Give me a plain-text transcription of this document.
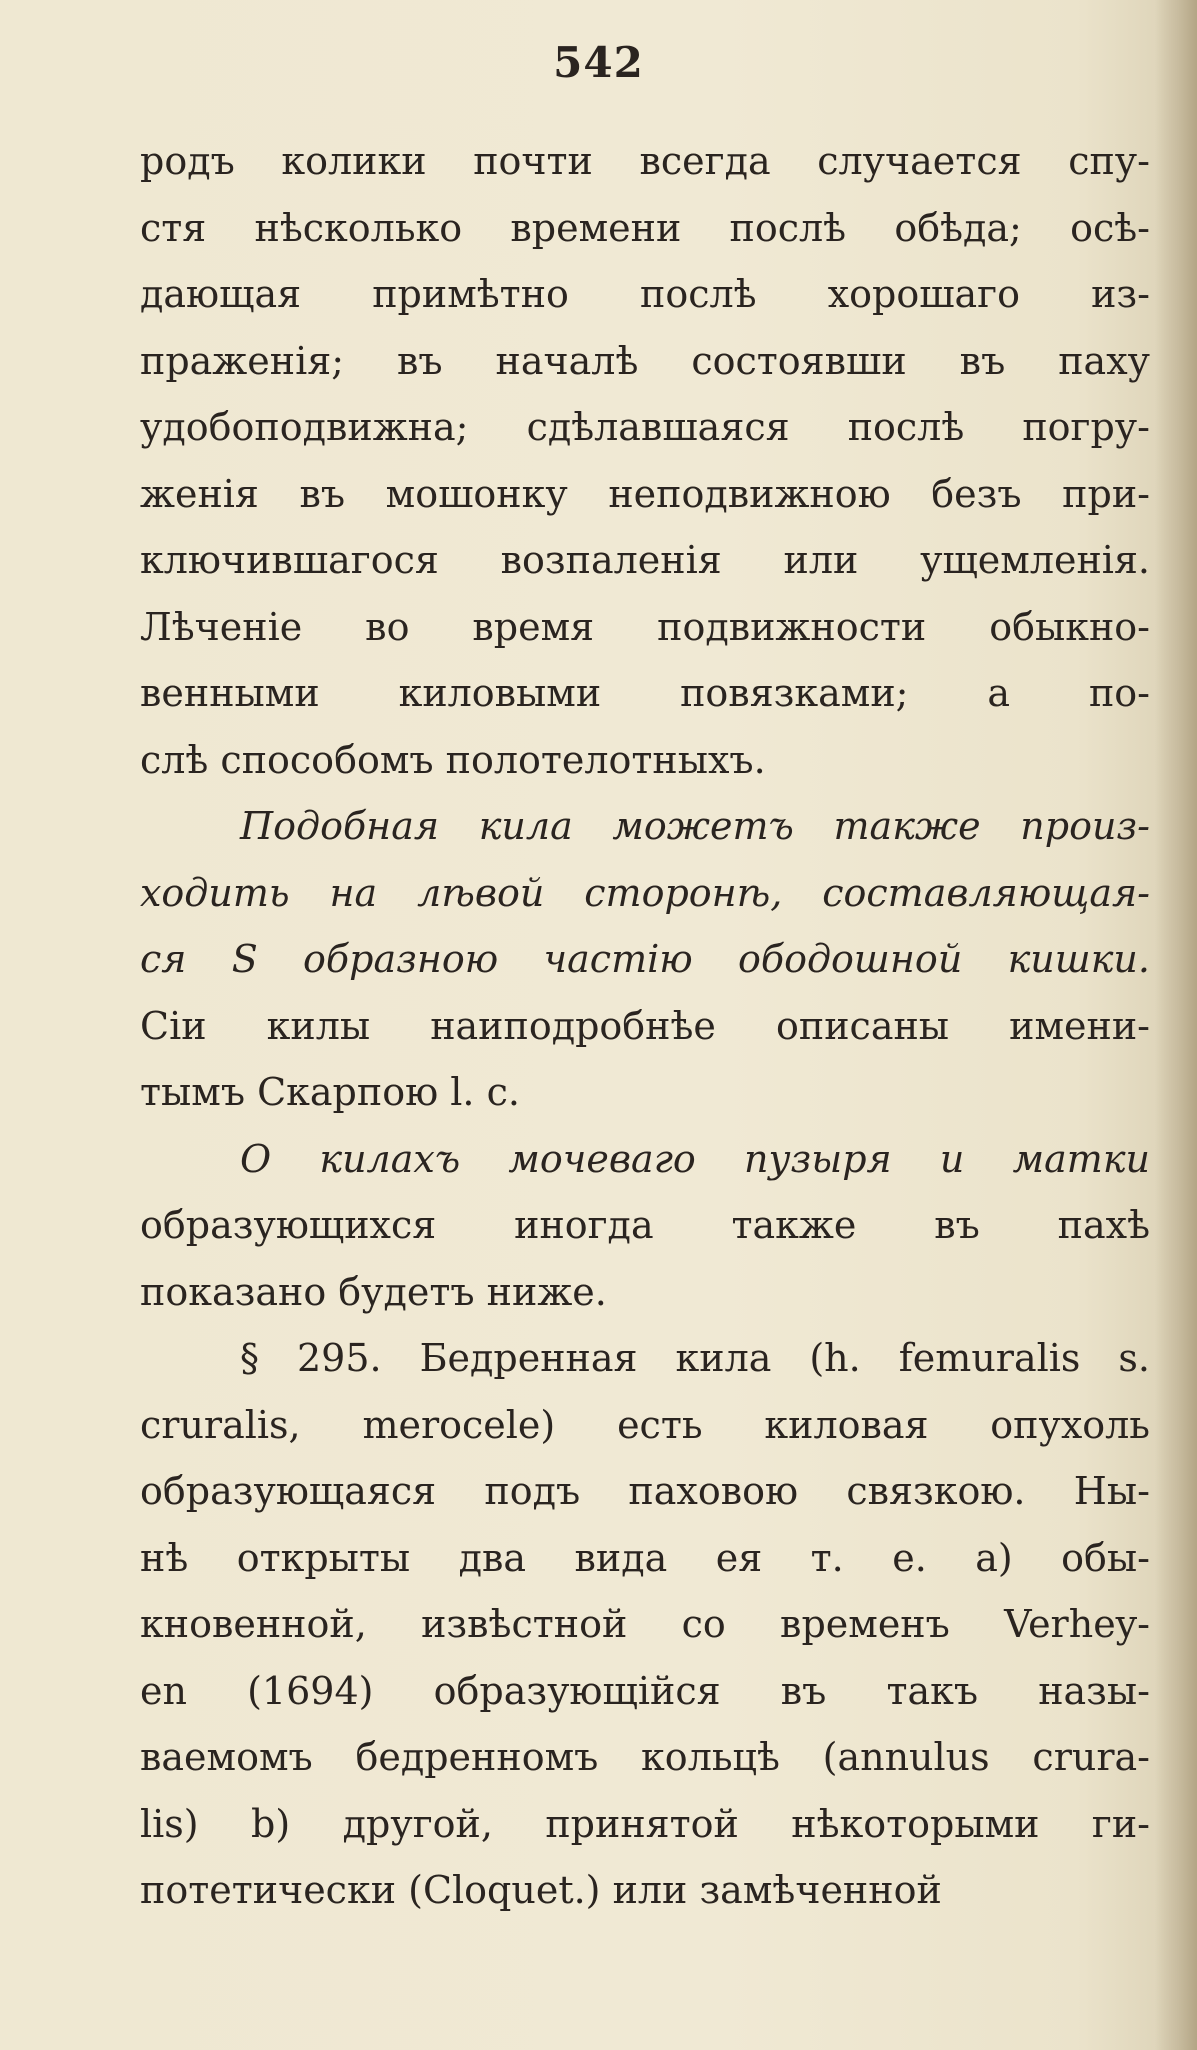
542

родъ колики почти всегда случается спу-
стя нѣсколько времени послѣ обѣда; осѣ-
дающая примѣтно послѣ хорошаго из-
праженія; въ началѣ состоявши въ паху
удобоподвижна; сдѣлавшаяся послѣ погру-
женія въ мошонку неподвижною безъ при-
ключившагося возпаленія или ущемленія.
Лѣченіе во время подвижности обыкно-
венными киловыми повязками; а по-
слѣ способомъ полотелотныхъ.

Подобная кила можетъ также произ-
ходить на лѣвой сторонѣ, составляющая-
ся S образною частію ободошной кишки.
Сіи килы наиподробнѣе описаны имени-
тымъ Скарпою l. c.

О килахъ мочеваго пузыря и матки
образующихся иногда также въ пахѣ
показано будетъ ниже.

§ 295. Бедренная кила (h. femuralis s.
cruralis, merocele) есть киловая опухоль
образующаяся подъ паховою связкою. Ны-
нѣ открыты два вида ея т. е. a) обы-
кновенной, извѣстной со временъ Verhey-
en (1694) образующійся въ такъ назы-
ваемомъ бедренномъ кольцѣ (annulus crura-
lis) b) другой, принятой нѣкоторыми ги-
потетически (Cloquet.) или замѣченной
